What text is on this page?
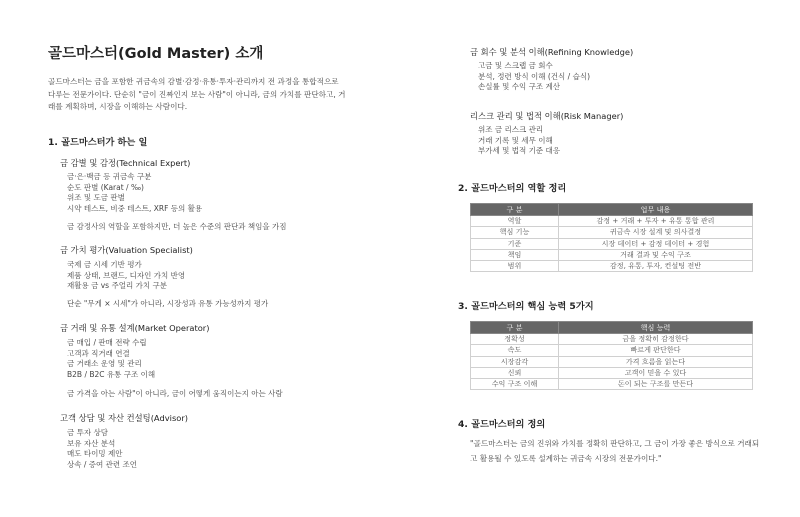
골드마스터(Gold Master) 소개

골드마스터는 금을 포함한 귀금속의 감별·감정·유통·투자·관리까지 전 과정을 통합적으로 다루는 전문가이다. 단순히 "금이 진짜인지 보는 사람"이 아니라, 금의 가치를 판단하고, 거래를 계획하며, 시장을 이해하는 사람이다.

1. 골드마스터가 하는 일
금 감별 및 감정(Technical Expert)
금·은·백금 등 귀금속 구분
순도 판별 (Karat / ‰)
위조 및 도금 판별
시약 테스트, 비중 테스트, XRF 등의 활용

금 감정사의 역할을 포함하지만, 더 높은 수준의 판단과 책임을 가짐

금 가치 평가(Valuation Specialist)
국제 금 시세 기반 평가
제품 상태, 브랜드, 디자인 가치 반영
재활용 금 vs 주얼리 가치 구분

단순 "무게 × 시세"가 아니라, 시장성과 유통 가능성까지 평가

금 거래 및 유통 설계(Market Operator)
금 매입 / 판매 전략 수립
고객과 직거래 연결
금 거래소 운영 및 관리
B2B / B2C 유통 구조 이해

금 가격을 아는 사람"이 아니라, 금이 어떻게 움직이는지 아는 사람

고객 상담 및 자산 컨설팅(Advisor)
금 투자 상담
보유 자산 분석
매도 타이밍 제안
상속 / 증여 관련 조언
금 회수 및 분석 이해(Refining Knowledge)
고금 및 스크랩 금 회수
분석, 정련 방식 이해 (건식 / 습식)
손실률 및 수익 구조 계산
리스크 관리 및 법적 이해(Risk Manager)
위조 금 리스크 관리
거래 기록 및 세무 이해
부가세 및 법적 기준 대응
2. 골드마스터의 역할 정리
구 분	업무 내용
역할	감정 + 거래 + 투자 + 유통 통합 관리
핵심 기능	귀금속 시장 설계 및 의사결정
기준	시장 데이터 + 감정 데이터 + 경험
책임	거래 결과 및 수익 구조
범위	감정, 유통, 투자, 컨설팅 전반
3. 골드마스터의 핵심 능력 5가지
구 분	핵심 능력
정확성	금을 정확히 감정한다
속도	빠르게 판단한다
시장감각	가격 흐름을 읽는다
신뢰	고객이 믿을 수 있다
수익 구조 이해	돈이 되는 구조를 만든다
4. 골드마스터의 정의

"골드마스터는 금의 진위와 가치를 정확히 판단하고, 그 금이 가장 좋은 방식으로 거래되고 활용될 수 있도록 설계하는 귀금속 시장의 전문가이다."
